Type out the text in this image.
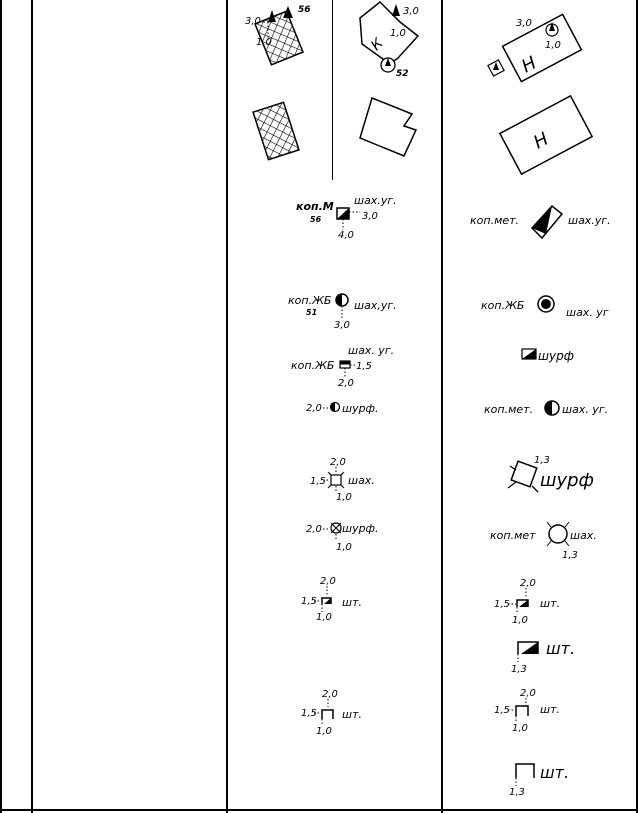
3,0
1,0
56
К
3,0
1,0
52	Н
3,0
1,0
Н
коп.М
56
шах.уг.
3,0
4,0
коп.мет.	шах.уг.
коп.ЖБ
51
шах,уг.
3,0
коп.ЖБ
шах. уг
коп.ЖБ
шах. уг.
1,5
2,0
шурф
2,0 шурф.	коп.мет.	шах. уг.
2,0
1,5
1,0
шах.
1,3
шурф
2,0
1,0
шурф.
коп.мет	шах.
1,3
2,0
1,5
1,0
шт.
2,0
1,5
1,0
шт.
1,3
шт.
2,0
1,5
1,0
шт.
2,0
1,5
1,0
шт.
1,3
шт.
